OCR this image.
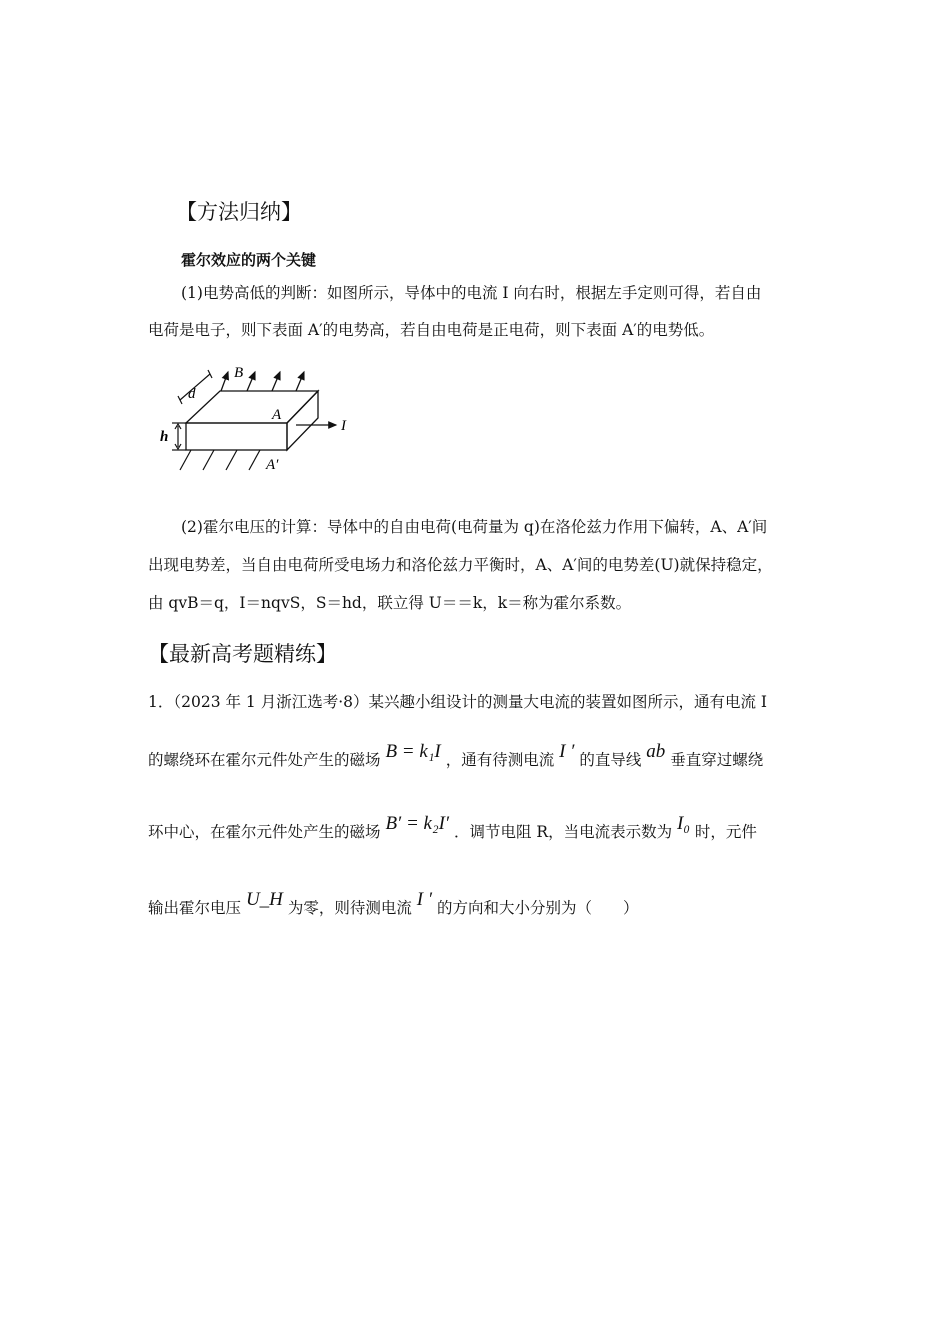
【方法归纳】
霍尔效应的两个关键
(1)电势高低的判断：如图所示，导体中的电流 I 向右时，根据左手定则可得，若自由
电荷是电子，则下表面 A′的电势高，若自由电荷是正电荷，则下表面 A′的电势低。
B
d
A
I
h
A′
(2)霍尔电压的计算：导体中的自由电荷(电荷量为 q)在洛伦兹力作用下偏转，A、A′间
出现电势差，当自由电荷所受电场力和洛伦兹力平衡时，A、A′间的电势差(U)就保持稳定，
由 qvB＝q，I＝nqvS，S＝hd，联立得 U＝＝k，k＝称为霍尔系数。
【最新高考题精练】
1．（2023 年 1 月浙江选考·8）某兴趣小组设计的测量大电流的装置如图所示，通有电流 I
的螺绕环在霍尔元件处产生的磁场 B = k₁I ，通有待测电流 I ′ 的直导线 ab 垂直穿过螺绕
环中心，在霍尔元件处产生的磁场 B′ = k₂I′ ．调节电阻 R，当电流表示数为 I₀ 时，元件
输出霍尔电压 U_H 为零，则待测电流 I ′ 的方向和大小分别为（　　）
